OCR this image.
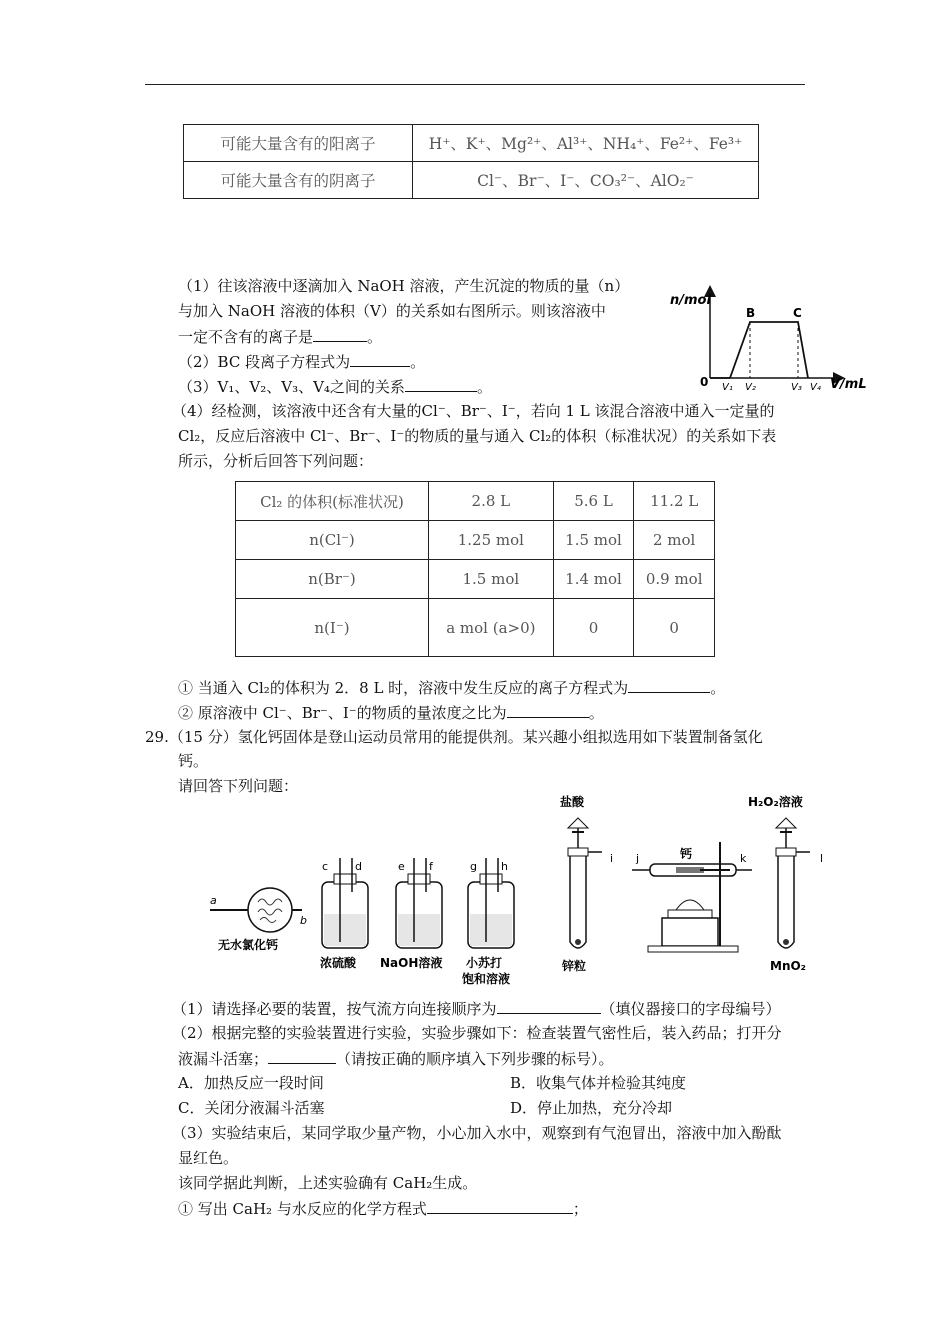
可能大量含有的阳离子	H⁺、K⁺、Mg²⁺、Al³⁺、NH₄⁺、Fe²⁺、Fe³⁺
可能大量含有的阴离子	Cl⁻、Br⁻、I⁻、CO₃²⁻、AlO₂⁻
（1）往该溶液中逐滴加入 NaOH 溶液，产生沉淀的物质的量（n）
与加入 NaOH 溶液的体积（V）的关系如右图所示。则该溶液中
一定不含有的离子是	。
（2）BC 段离子方程式为	。
（3）V₁、V₂、V₃、V₄之间的关系	。
（4）经检测，该溶液中还含有大量的Cl⁻、Br⁻、I⁻，若向 1 L 该混合溶液中通入一定量的
Cl₂，反应后溶液中 Cl⁻、Br⁻、I⁻的物质的量与通入 Cl₂的体积（标准状况）的关系如下表
所示，分析后回答下列问题：
n/mol
V/mL
0
B	C
V₁ V₂	V₃ V₄
Cl₂ 的体积(标准状况)	2.8 L	5.6 L	11.2 L
n(Cl⁻)	1.25 mol	1.5 mol	2 mol
n(Br⁻)	1.5 mol	1.4 mol	0.9 mol
n(I⁻)	a mol (a>0)	0	0
① 当通入 Cl₂的体积为 2．8 L 时，溶液中发生反应的离子方程式为	。
② 原溶液中 Cl⁻、Br⁻、I⁻的物质的量浓度之比为	。
29.（15 分）氢化钙固体是登山运动员常用的能提供剂。某兴趣小组拟选用如下装置制备氢化
钙。
请回答下列问题：
a
b
无水氯化钙
c d
浓硫酸
e f
NaOH溶液
g h
小苏打
饱和溶液
盐酸
i
锌粒
j	钙	k
H₂O₂溶液
l
MnO₂
（1）请选择必要的装置，按气流方向连接顺序为	（填仪器接口的字母编号）
（2）根据完整的实验装置进行实验，实验步骤如下：检查装置气密性后，装入药品；打开分
液漏斗活塞；	（请按正确的顺序填入下列步骤的标号）。
A．加热反应一段时间	B．收集气体并检验其纯度
C．关闭分液漏斗活塞	D．停止加热，充分冷却
（3）实验结束后，某同学取少量产物，小心加入水中，观察到有气泡冒出，溶液中加入酚酞
显红色。
该同学据此判断，上述实验确有 CaH₂生成。
① 写出 CaH₂ 与水反应的化学方程式	；
